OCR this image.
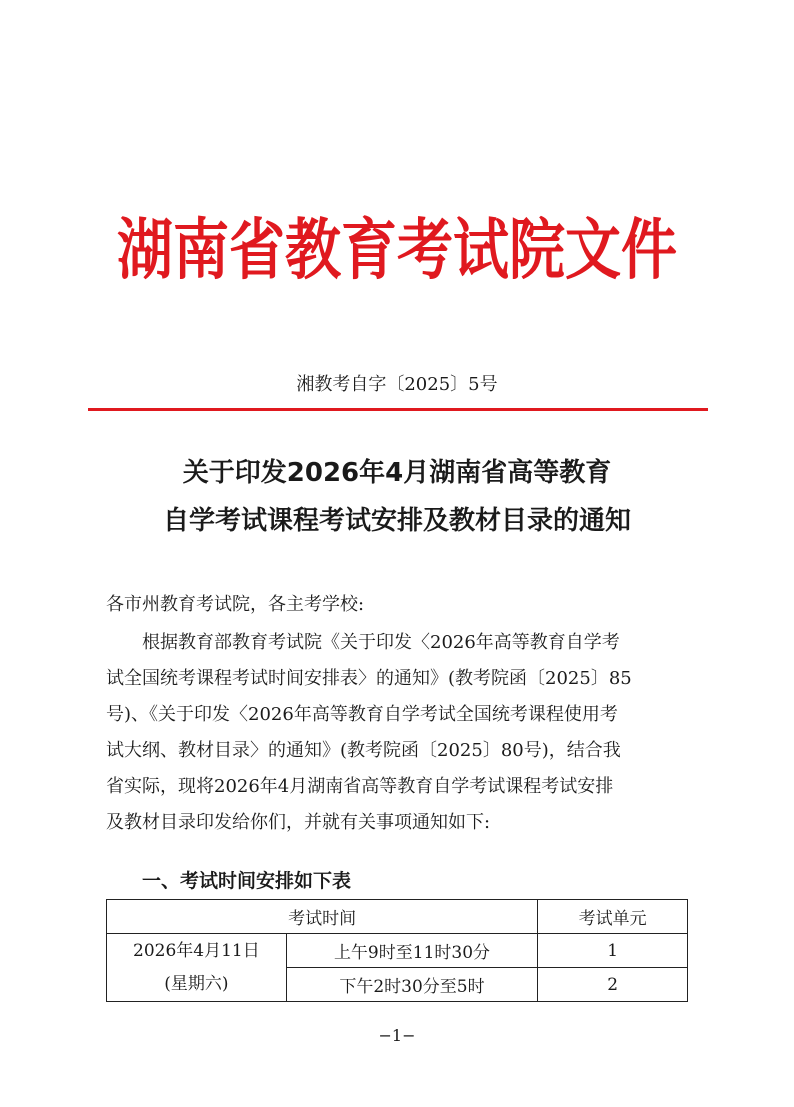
湖南省教育考试院文件
湘教考自字〔2025〕5号
关于印发2026年4月湖南省高等教育
自学考试课程考试安排及教材目录的通知
各市州教育考试院，各主考学校:
　　根据教育部教育考试院《关于印发〈2026年高等教育自学考
试全国统考课程考试时间安排表〉的通知》(教考院函〔2025〕85
号)、《关于印发〈2026年高等教育自学考试全国统考课程使用考
试大纲、教材目录〉的通知》(教考院函〔2025〕80号)，结合我
省实际，现将2026年4月湖南省高等教育自学考试课程考试安排
及教材目录印发给你们，并就有关事项通知如下:
一、考试时间安排如下表
考试时间		考试单元

2026年4月11日
(星期六)	上午9时至11时30分	1
	下午2时30分至5时	2
−1−
